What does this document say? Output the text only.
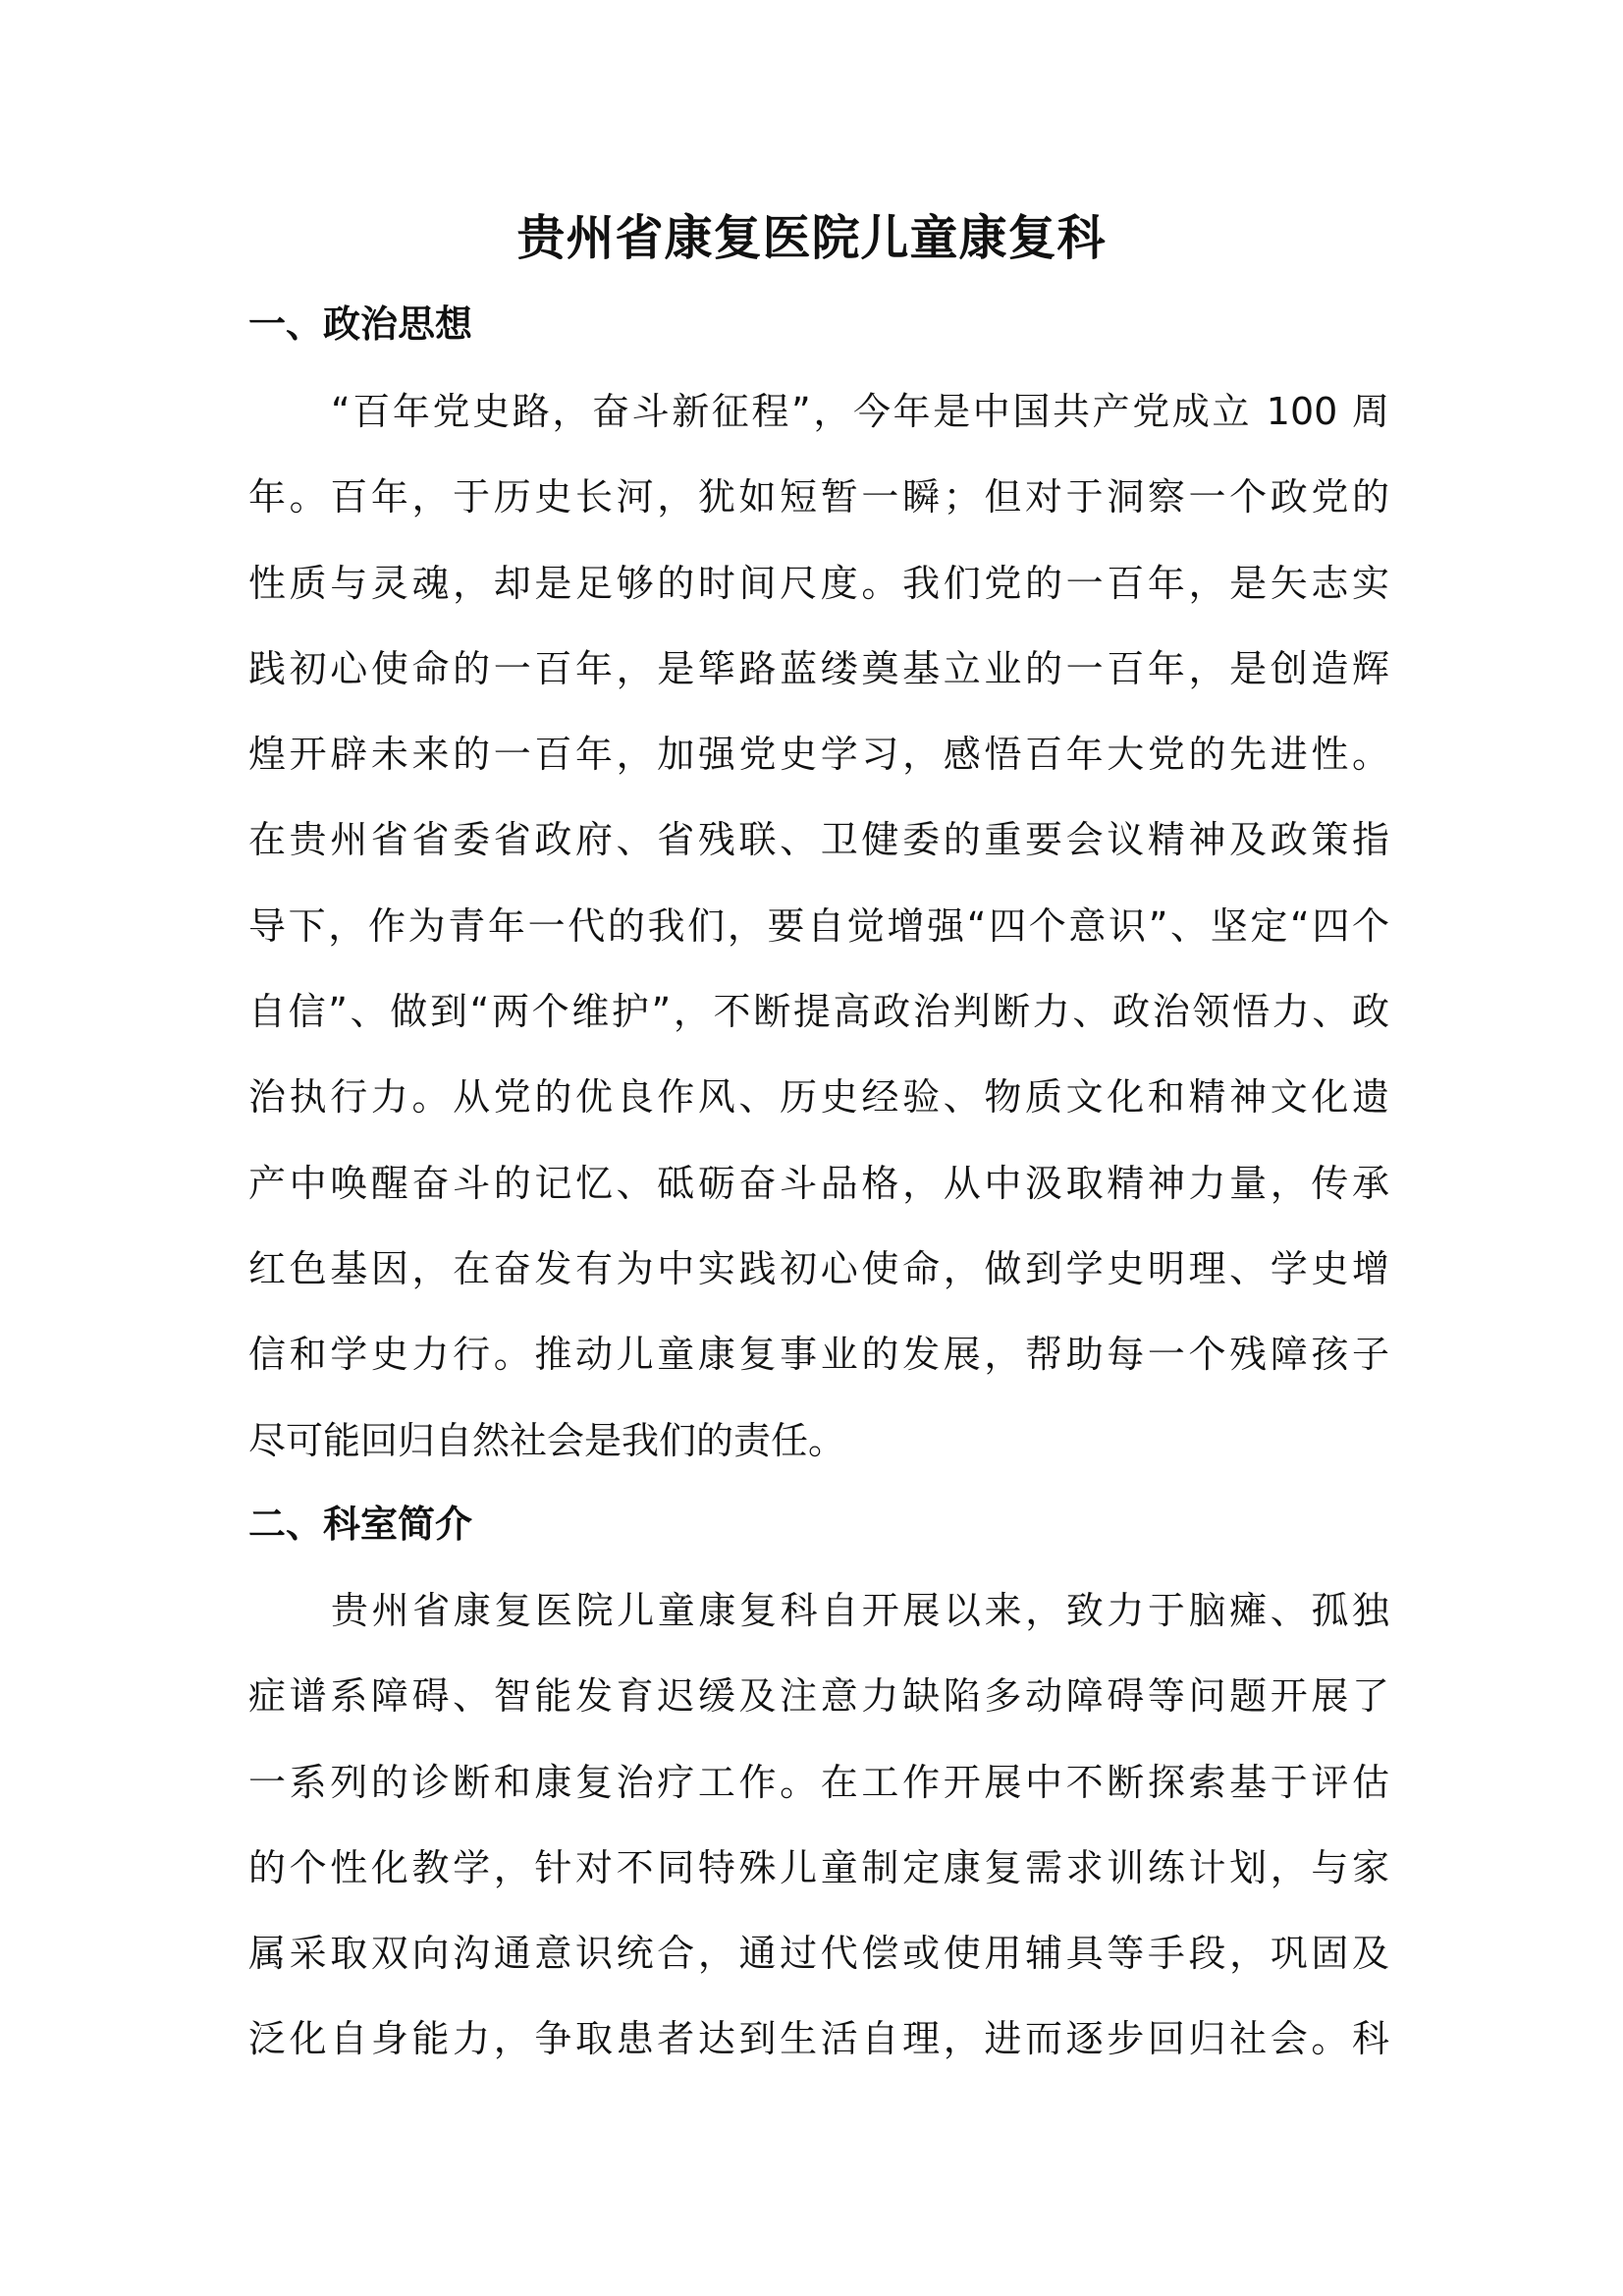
贵州省康复医院儿童康复科
一、政治思想
“百年党史路，奋斗新征程”，今年是中国共产党成立 100 周
年。百年，于历史长河，犹如短暂一瞬；但对于洞察一个政党的
性质与灵魂，却是足够的时间尺度。我们党的一百年，是矢志实
践初心使命的一百年，是筚路蓝缕奠基立业的一百年，是创造辉
煌开辟未来的一百年，加强党史学习，感悟百年大党的先进性。
在贵州省省委省政府、省残联、卫健委的重要会议精神及政策指
导下，作为青年一代的我们，要自觉增强“四个意识”、坚定“四个
自信”、做到“两个维护”，不断提高政治判断力、政治领悟力、政
治执行力。从党的优良作风、历史经验、物质文化和精神文化遗
产中唤醒奋斗的记忆、砥砺奋斗品格，从中汲取精神力量，传承
红色基因，在奋发有为中实践初心使命，做到学史明理、学史增
信和学史力行。推动儿童康复事业的发展，帮助每一个残障孩子
尽可能回归自然社会是我们的责任。
二、科室简介
贵州省康复医院儿童康复科自开展以来，致力于脑瘫、孤独
症谱系障碍、智能发育迟缓及注意力缺陷多动障碍等问题开展了
一系列的诊断和康复治疗工作。在工作开展中不断探索基于评估
的个性化教学，针对不同特殊儿童制定康复需求训练计划，与家
属采取双向沟通意识统合，通过代偿或使用辅具等手段，巩固及
泛化自身能力，争取患者达到生活自理，进而逐步回归社会。科
